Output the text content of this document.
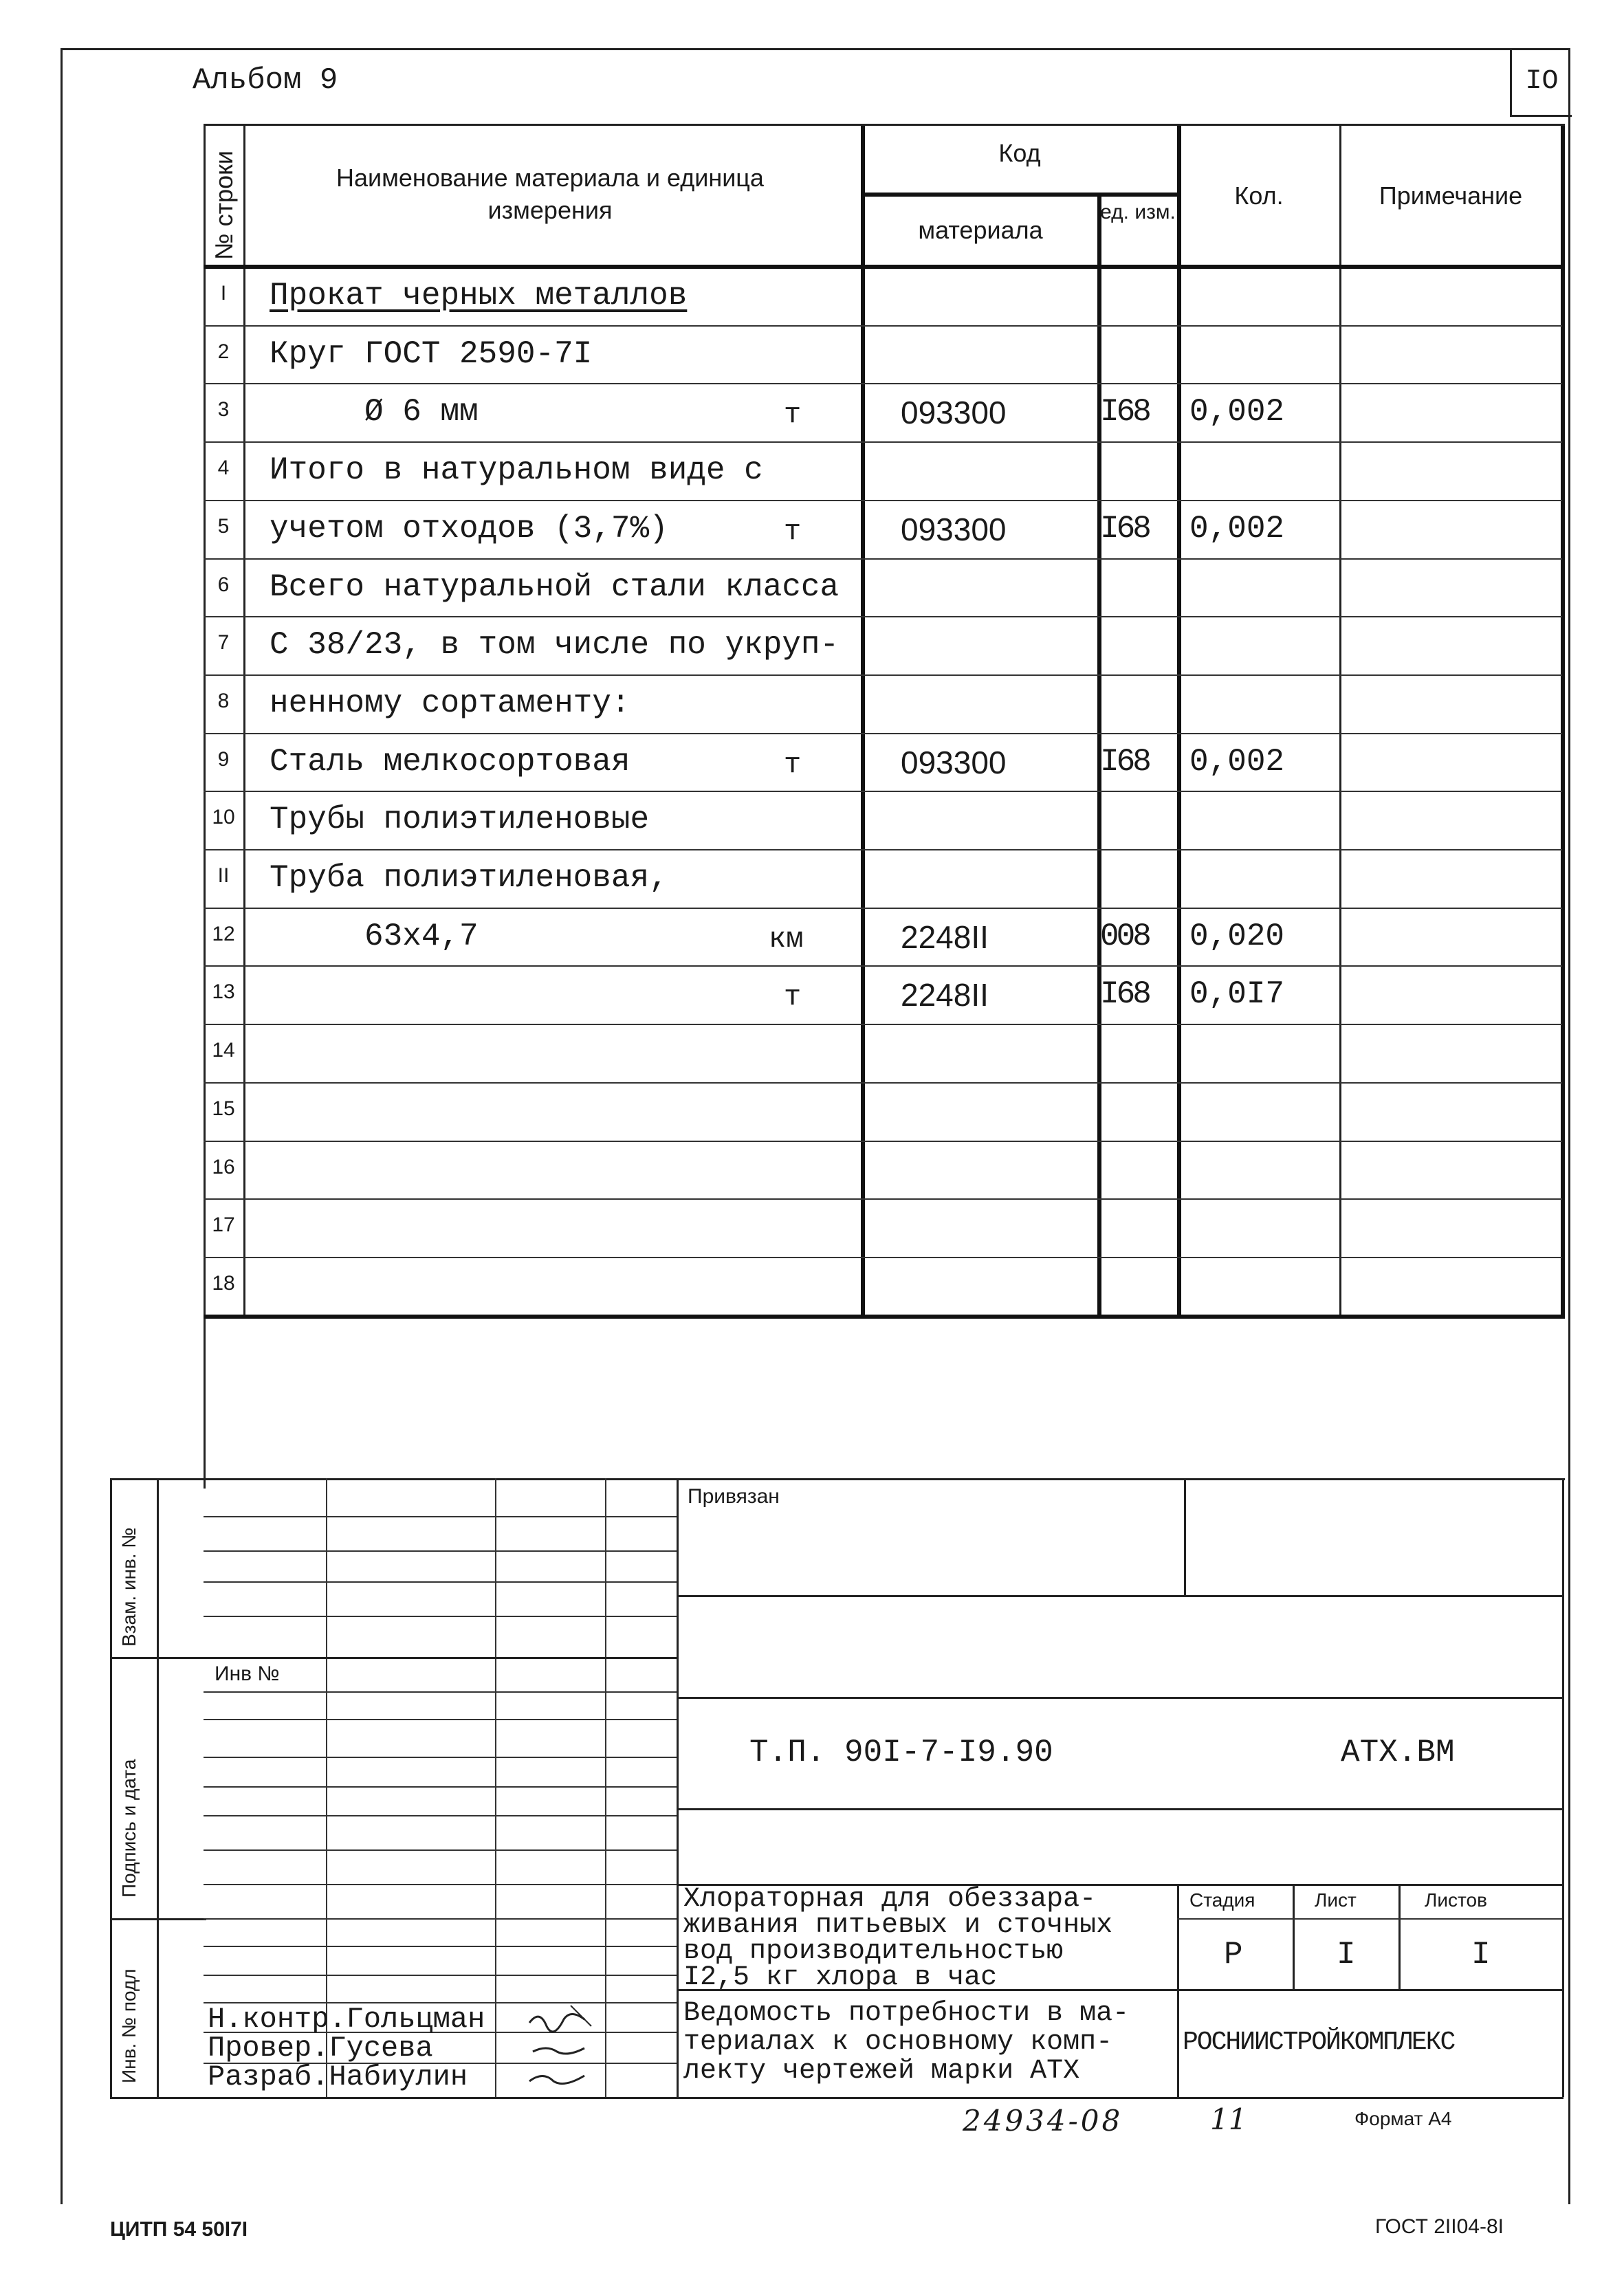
IO
Альбом 9
№ строки	Наименование материала и единица измерения
Код
материала
ед. изм.
Кол.	Примечание
I	Прокат черных металлов
2 Круг ГОСТ 2590-7I
3	Ø 6 мм	т	093300	I68 0,002
4 Итого в натуральном виде с
5 учетом отходов (3,7%)	т	093300	I68 0,002
6 Всего натуральной стали класса
7 С 38/23, в том числе по укруп-
8 ненному сортаменту:
9 Сталь мелкосортовая	т	093300	I68 0,002
10 Трубы полиэтиленовые
II Труба полиэтиленовая,
12	63х4,7	км	2248II	008 0,020
13	т	2248II	I68 0,0I7
14
15
16
17
18
Взам. инв. №
Подпись и дата
Инв. № подл
Инв №
Н.контр.Гольцман
Провер.Гусева
Разраб.Набиулин
Привязан
Т.П. 90I-7-I9.90	АТХ.ВМ
Хлораторная для обеззара-
живания питьевых и сточных
вод производительностью
I2,5 кг хлора в час
Ведомость потребности в ма-
териалах к основному комп-
лекту чертежей марки АТХ
Стадия	Лист	Листов
Р	I	I
РОСНИИСТРОЙКОМПЛЕКС
24934-08	11	Формат А4
ЦИТП 54 50I7I	ГОСТ 2II04-8I
